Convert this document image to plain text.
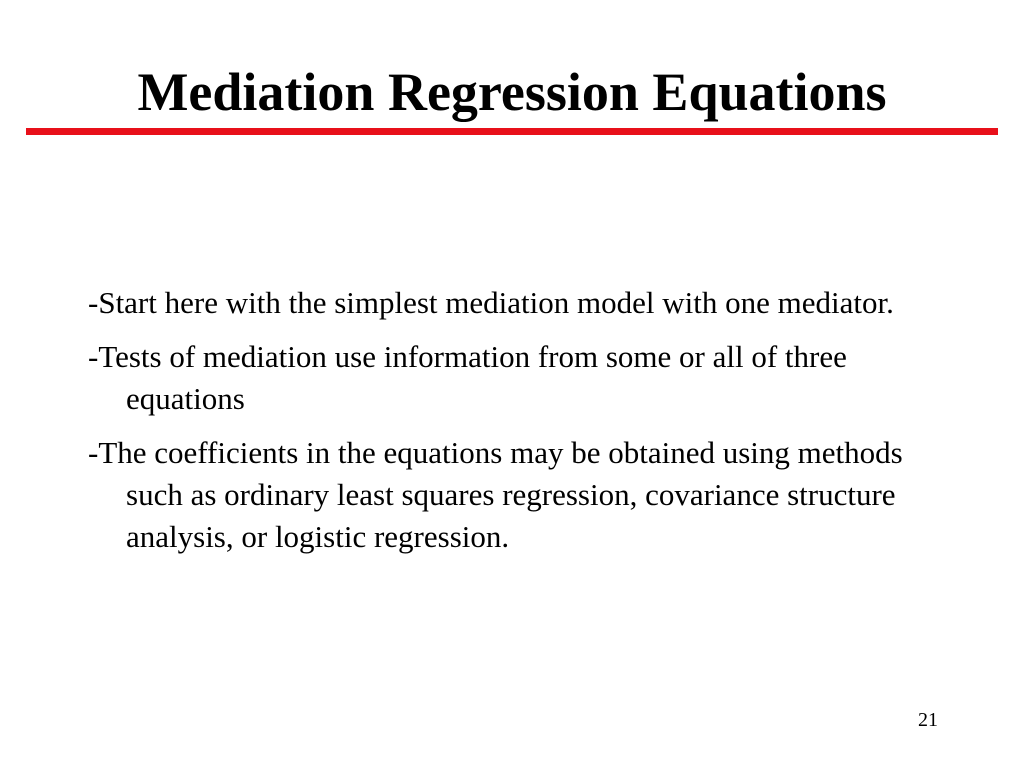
Mediation Regression Equations
-Start here with the simplest mediation model with one mediator.
-Tests of mediation use information from some or all of three equations
-The coefficients in the equations may be obtained using methods such as ordinary least squares regression, covariance structure analysis, or logistic regression.
21
